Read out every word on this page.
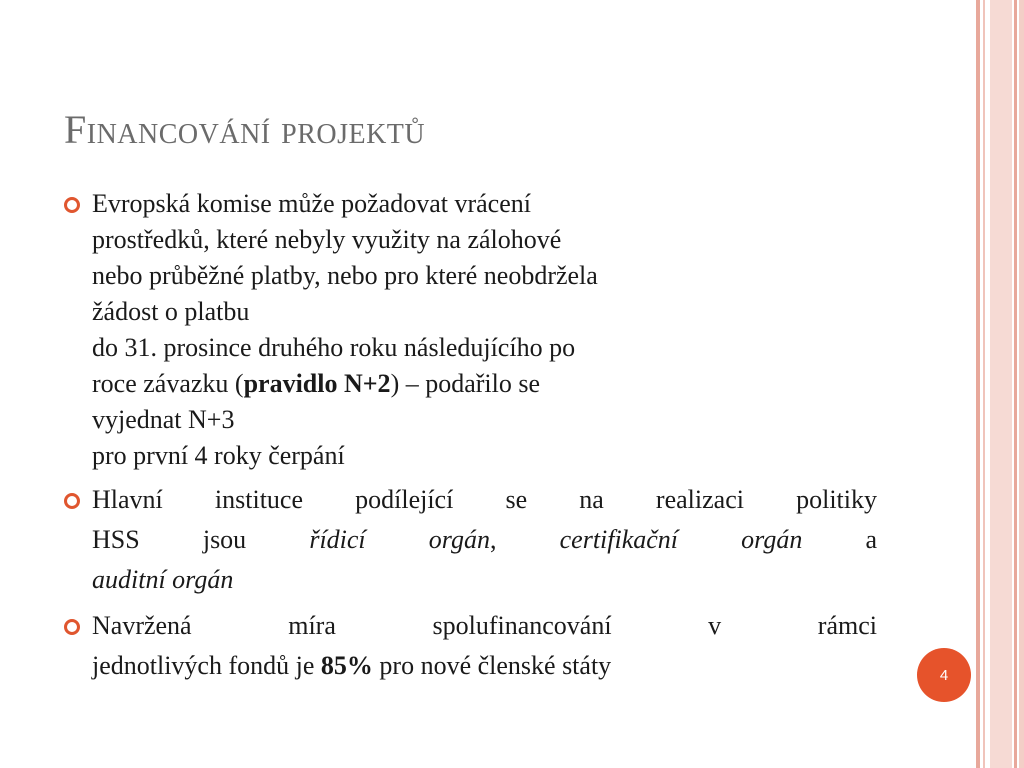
Financování projektů
Evropská komise může požadovat vrácení
prostředků, které nebyly využity na zálohové
nebo průběžné platby, nebo pro které neobdržela
žádost o platbu
do 31. prosince druhého roku následujícího po
roce závazku (pravidlo N+2) – podařilo se
vyjednat N+3
pro první 4 roky čerpání
Hlavní instituce podílející se na realizaci politiky
HSS jsou řídicí orgán, certifikační orgán a
auditní orgán
Navržená míra spolufinancování v rámci
jednotlivých fondů je 85% pro nové členské státy	4
